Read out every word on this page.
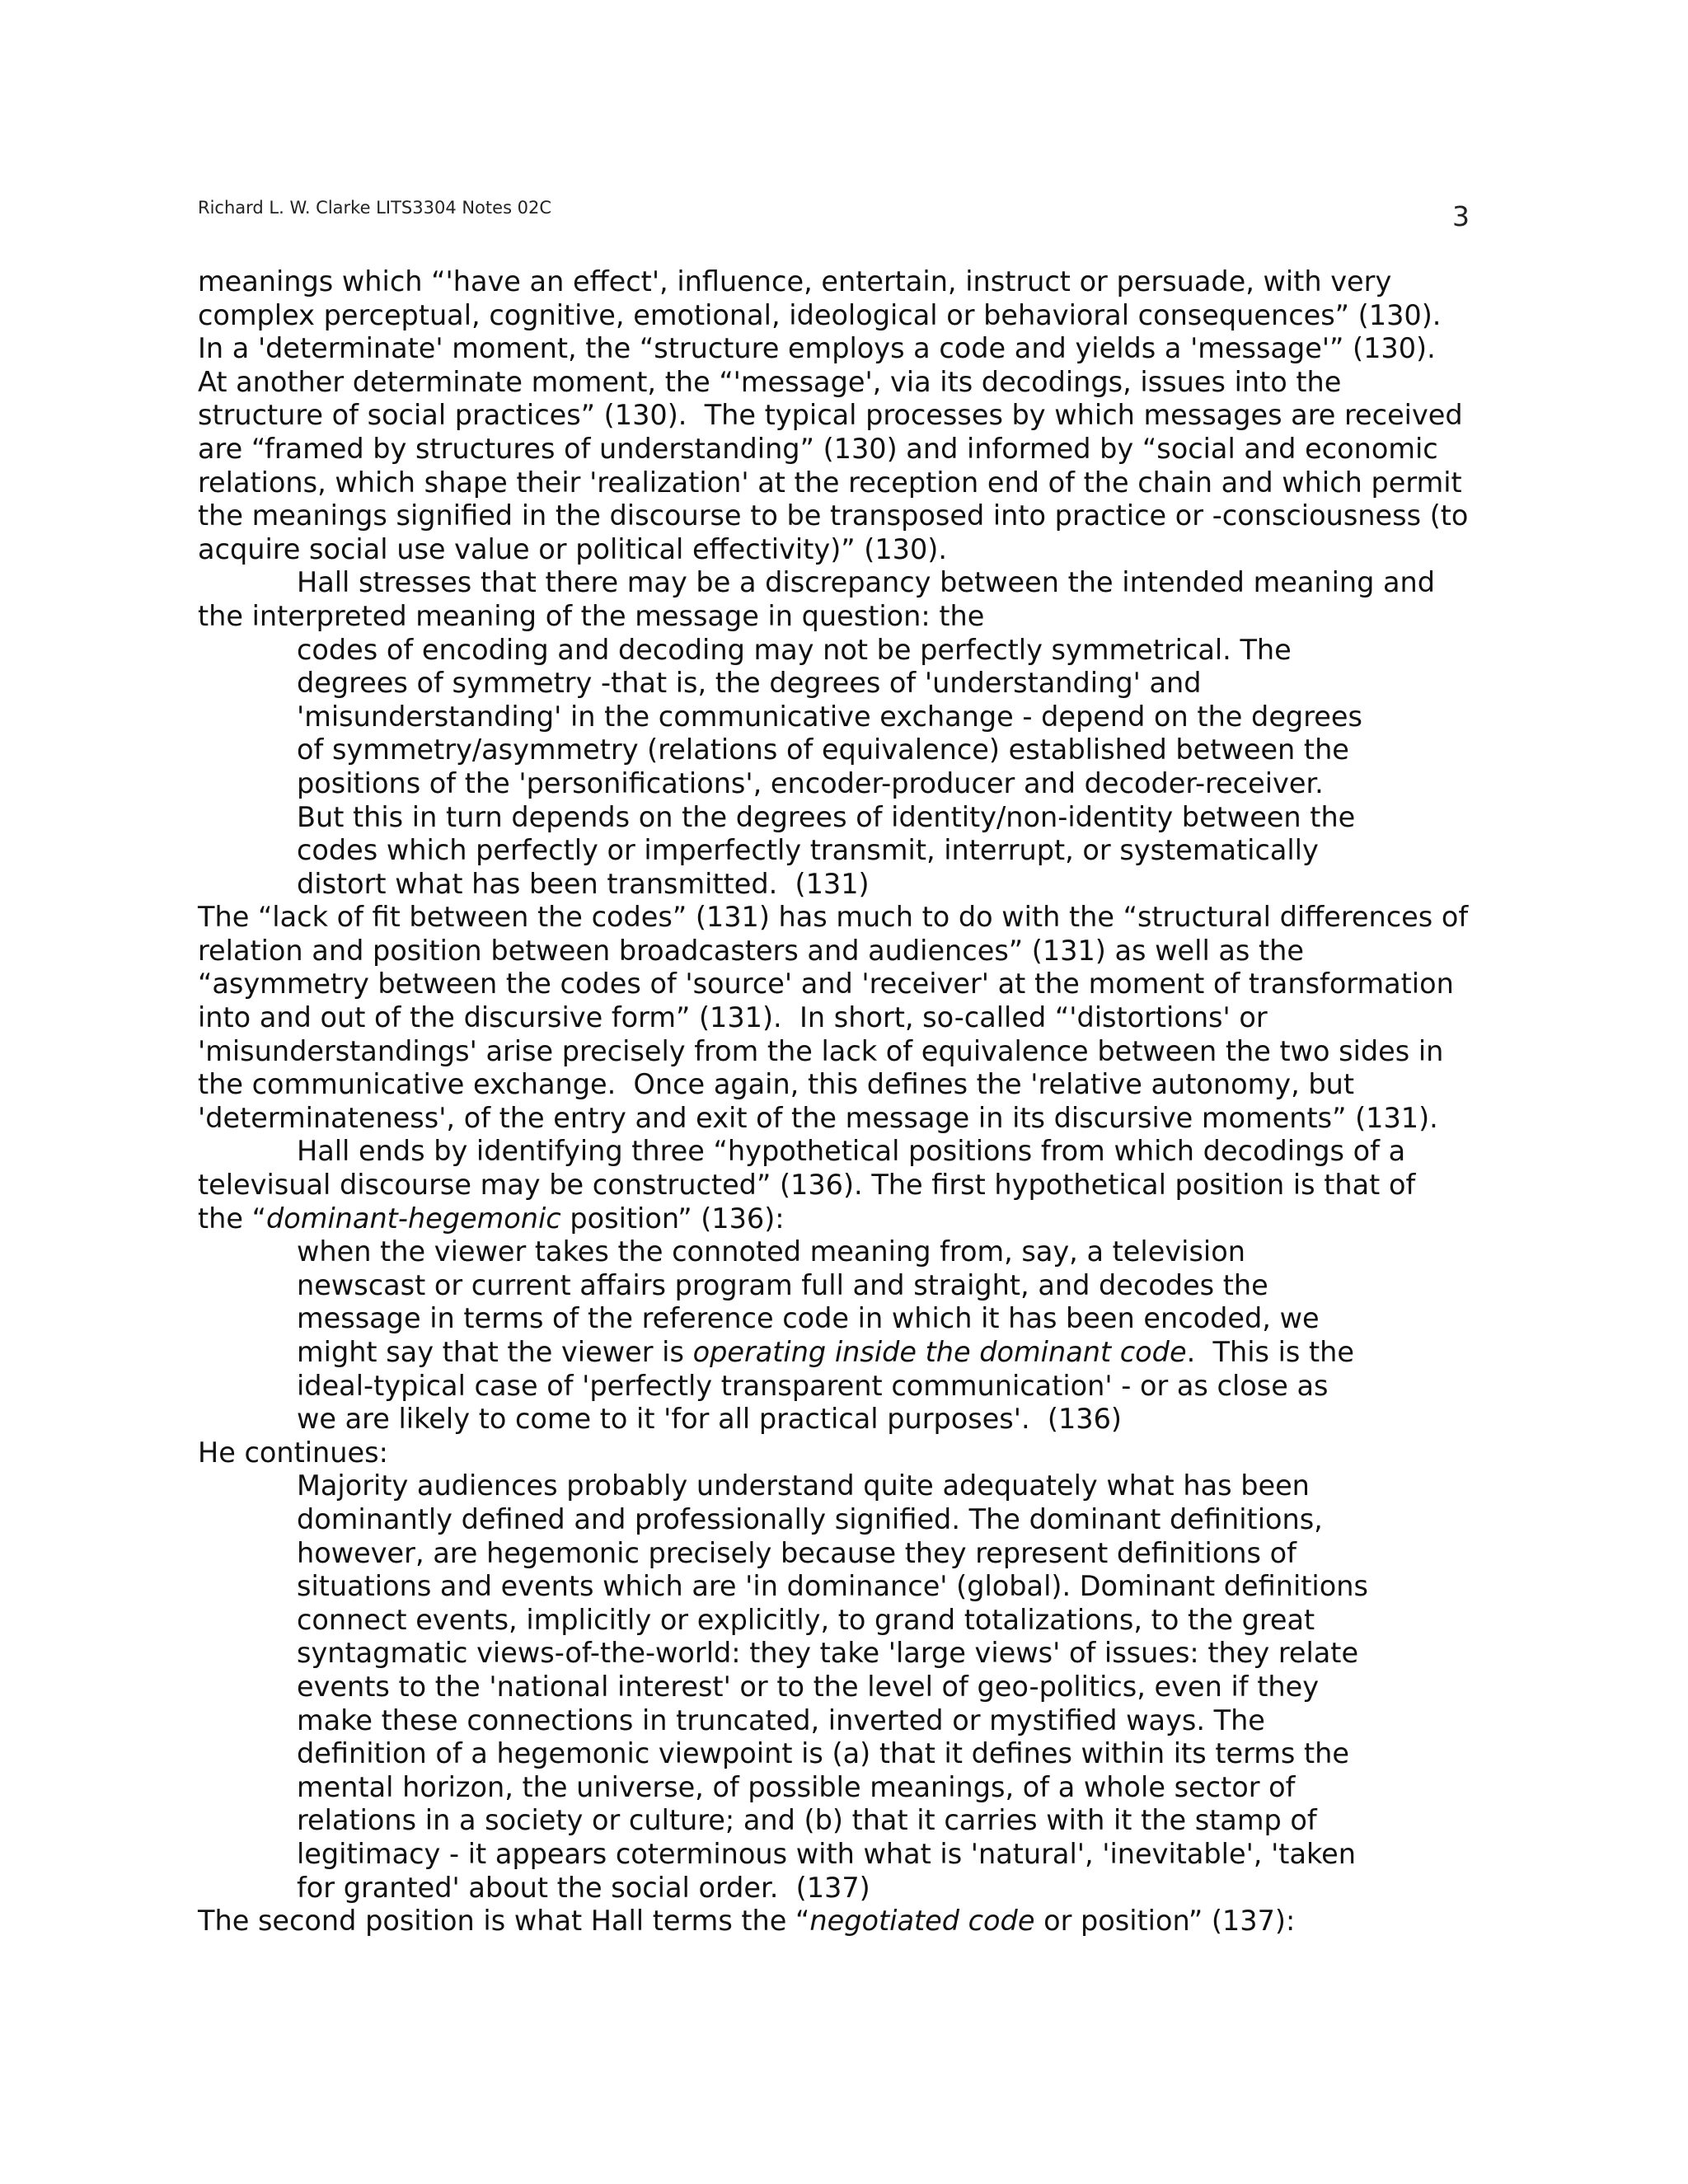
Richard L. W. Clarke LITS3304 Notes 02C	3
meanings which “'have an effect', influence, entertain, instruct or persuade, with very
complex perceptual, cognitive, emotional, ideological or behavioral consequences” (130).
In a 'determinate' moment, the “structure employs a code and yields a 'message'” (130).
At another determinate moment, the “'message', via its decodings, issues into the
structure of social practices” (130).  The typical processes by which messages are received
are “framed by structures of understanding” (130) and informed by “social and economic
relations, which shape their 'realization' at the reception end of the chain and which permit
the meanings signified in the discourse to be transposed into practice or -consciousness (to
acquire social use value or political effectivity)” (130).
Hall stresses that there may be a discrepancy between the intended meaning and
the interpreted meaning of the message in question: the
codes of encoding and decoding may not be perfectly symmetrical. The
degrees of symmetry -that is, the degrees of 'understanding' and
'misunderstanding' in the communicative exchange - depend on the degrees
of symmetry/asymmetry (relations of equivalence) established between the
positions of the 'personifications', encoder-producer and decoder-receiver.
But this in turn depends on the degrees of identity/non-identity between the
codes which perfectly or imperfectly transmit, interrupt, or systematically
distort what has been transmitted.  (131)
The “lack of fit between the codes” (131) has much to do with the “structural differences of
relation and position between broadcasters and audiences” (131) as well as the
“asymmetry between the codes of 'source' and 'receiver' at the moment of transformation
into and out of the discursive form” (131).  In short, so-called “'distortions' or
'misunderstandings' arise precisely from the lack of equivalence between the two sides in
the communicative exchange.  Once again, this defines the 'relative autonomy, but
'determinateness', of the entry and exit of the message in its discursive moments” (131).
Hall ends by identifying three “hypothetical positions from which decodings of a
televisual discourse may be constructed” (136). The first hypothetical position is that of
the “dominant-hegemonic position” (136):
when the viewer takes the connoted meaning from, say, a television
newscast or current affairs program full and straight, and decodes the
message in terms of the reference code in which it has been encoded, we
might say that the viewer is operating inside the dominant code.  This is the
ideal-typical case of 'perfectly transparent communication' - or as close as
we are likely to come to it 'for all practical purposes'.  (136)
He continues:
Majority audiences probably understand quite adequately what has been
dominantly defined and professionally signified. The dominant definitions,
however, are hegemonic precisely because they represent definitions of
situations and events which are 'in dominance' (global). Dominant definitions
connect events, implicitly or explicitly, to grand totalizations, to the great
syntagmatic views-of-the-world: they take 'large views' of issues: they relate
events to the 'national interest' or to the level of geo-politics, even if they
make these connections in truncated, inverted or mystified ways. The
definition of a hegemonic viewpoint is (a) that it defines within its terms the
mental horizon, the universe, of possible meanings, of a whole sector of
relations in a society or culture; and (b) that it carries with it the stamp of
legitimacy - it appears coterminous with what is 'natural', 'inevitable', 'taken
for granted' about the social order.  (137)
The second position is what Hall terms the “negotiated code or position” (137):
